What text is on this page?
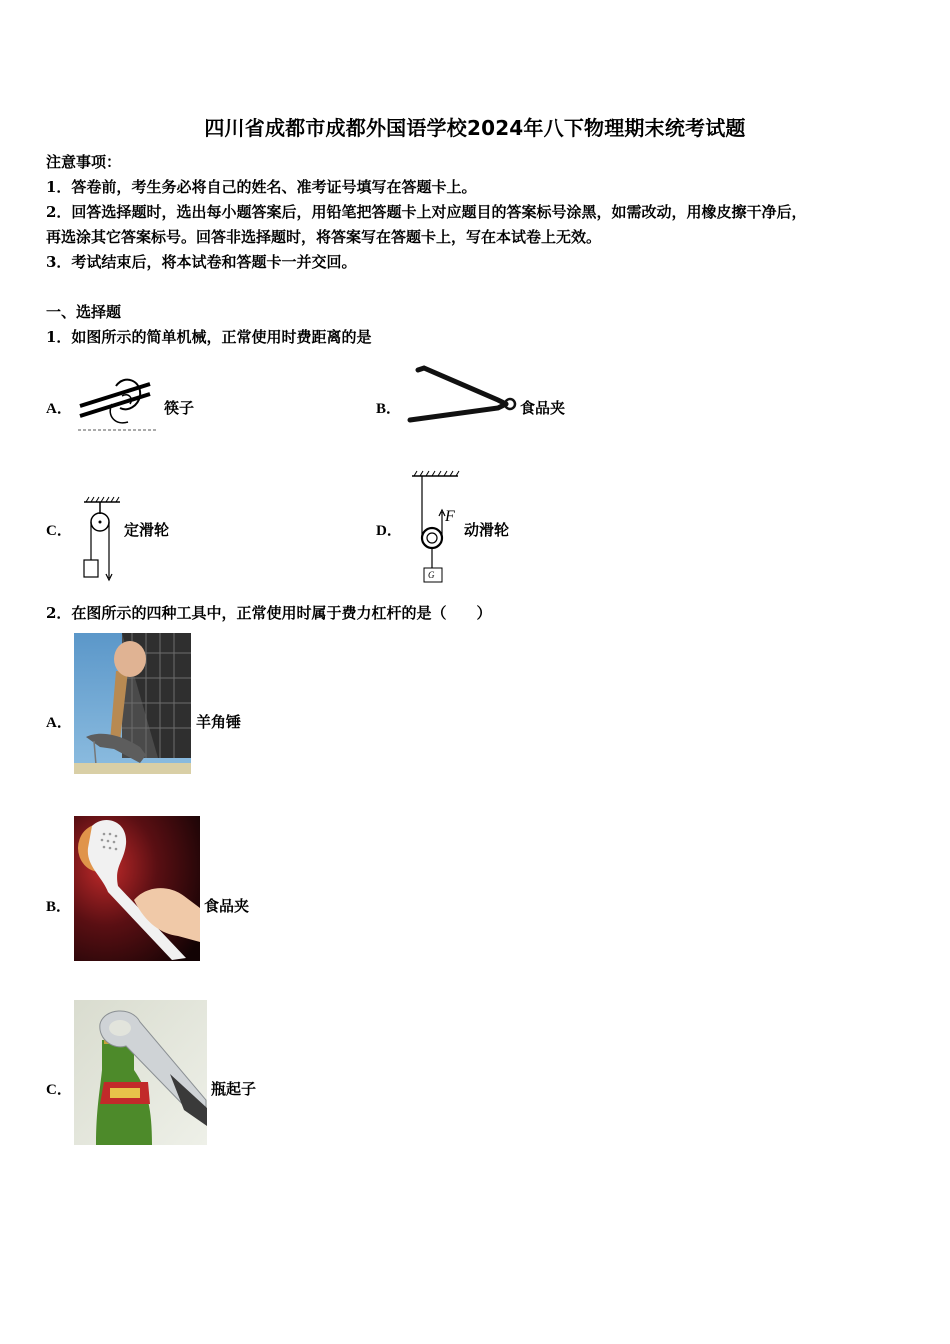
四川省成都市成都外国语学校2024年八下物理期末统考试题
注意事项：
1．答卷前，考生务必将自己的姓名、准考证号填写在答题卡上。
2．回答选择题时，选出每小题答案后，用铅笔把答题卡上对应题目的答案标号涂黑，如需改动，用橡皮擦干净后，
再选涂其它答案标号。回答非选择题时，将答案写在答题卡上，写在本试卷上无效。
3．考试结束后，将本试卷和答题卡一并交回。
一、选择题
1．如图所示的简单机械，正常使用时费距离的是
A．	筷子	B．	食品夹
C．	定滑轮	D．
F
G
动滑轮
2．在图所示的四种工具中，正常使用时属于费力杠杆的是（　　）
A．	羊角锤
B．	食品夹
C．	瓶起子
